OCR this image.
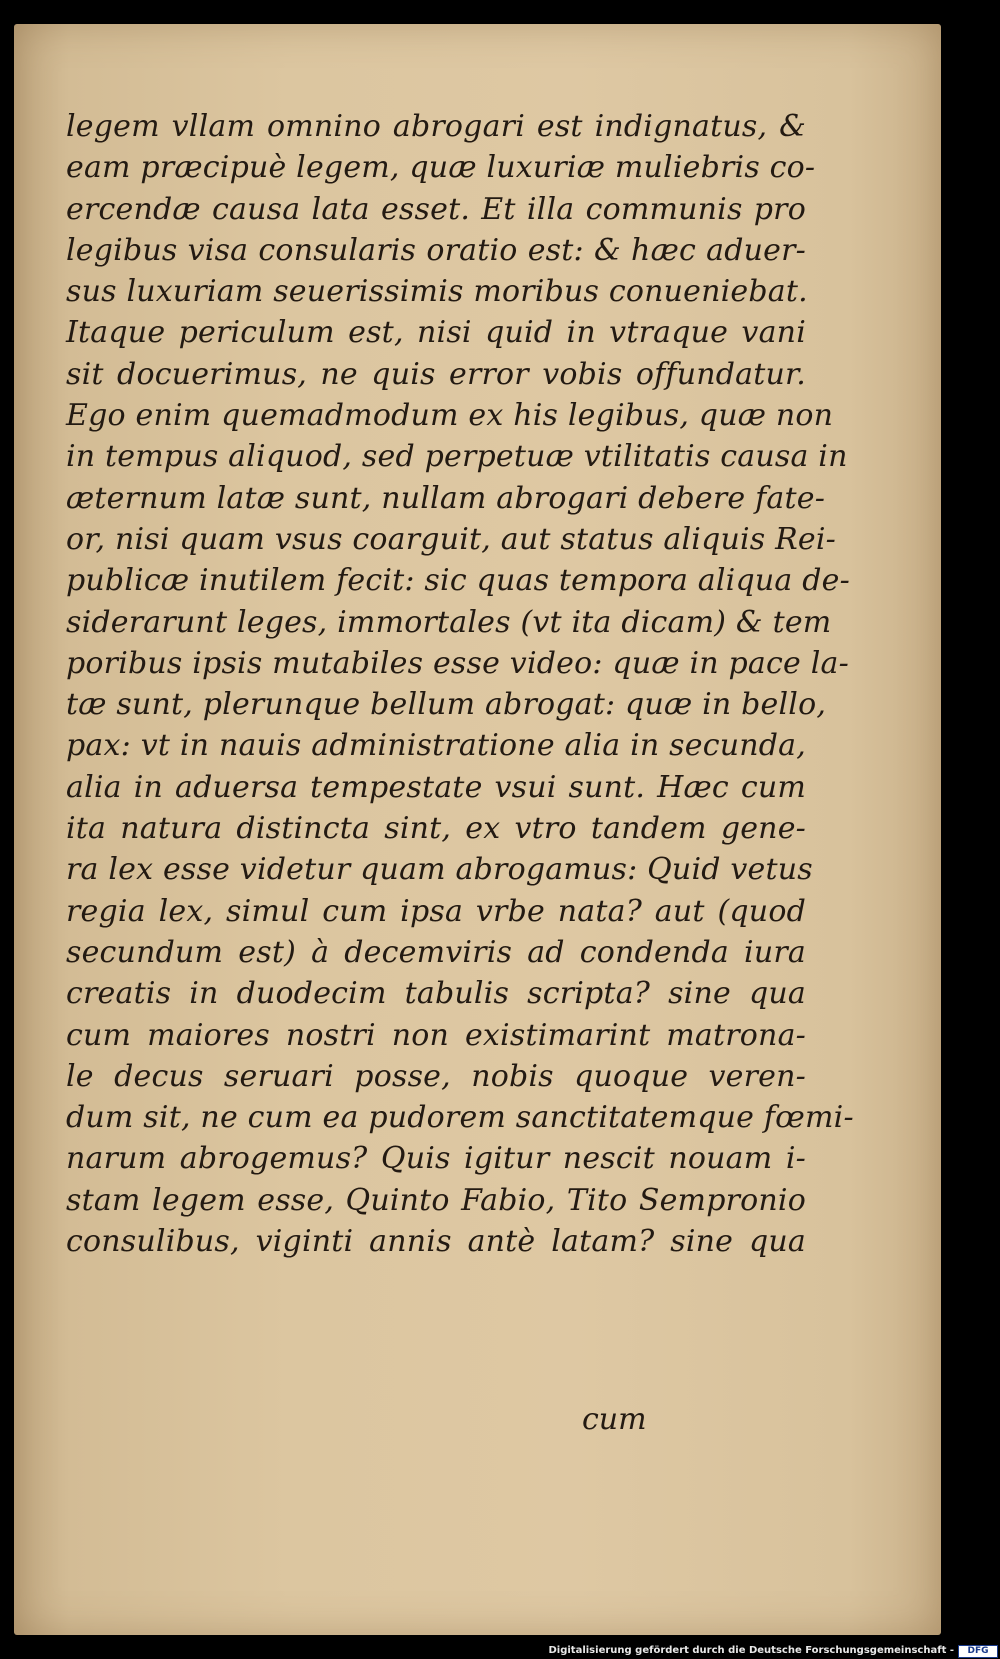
legem vllam omnino abrogari est indignatus, &
eam præcipuè legem, quæ luxuriæ muliebris co-
ercendæ causa lata esset. Et illa communis pro
legibus visa consularis oratio est: & hæc aduer-
sus luxuriam seuerissimis moribus conueniebat.
Itaque periculum est, nisi quid in vtraque vani
sit docuerimus, ne quis error vobis offundatur.
Ego enim quemadmodum ex his legibus, quæ non
in tempus aliquod, sed perpetuæ vtilitatis causa in
æternum latæ sunt, nullam abrogari debere fate-
or, nisi quam vsus coarguit, aut status aliquis Rei-
publicæ inutilem fecit: sic quas tempora aliqua de-
siderarunt leges, immortales (vt ita dicam) & tem
poribus ipsis mutabiles esse video: quæ in pace la-
tæ sunt, plerunque bellum abrogat: quæ in bello,
pax: vt in nauis administratione alia in secunda,
alia in aduersa tempestate vsui sunt. Hæc cum
ita natura distincta sint, ex vtro tandem gene-
ra lex esse videtur quam abrogamus: Quid vetus
regia lex, simul cum ipsa vrbe nata? aut (quod
secundum est) à decemviris ad condenda iura
creatis in duodecim tabulis scripta? sine qua
cum maiores nostri non existimarint matrona-
le decus seruari posse, nobis quoque veren-
dum sit, ne cum ea pudorem sanctitatemque fœmi-
narum abrogemus? Quis igitur nescit nouam i-
stam legem esse, Quinto Fabio, Tito Sempronio
consulibus, viginti annis antè latam? sine qua
cum
Digitalisierung gefördert durch die Deutsche Forschungsgemeinschaft -	DFG
